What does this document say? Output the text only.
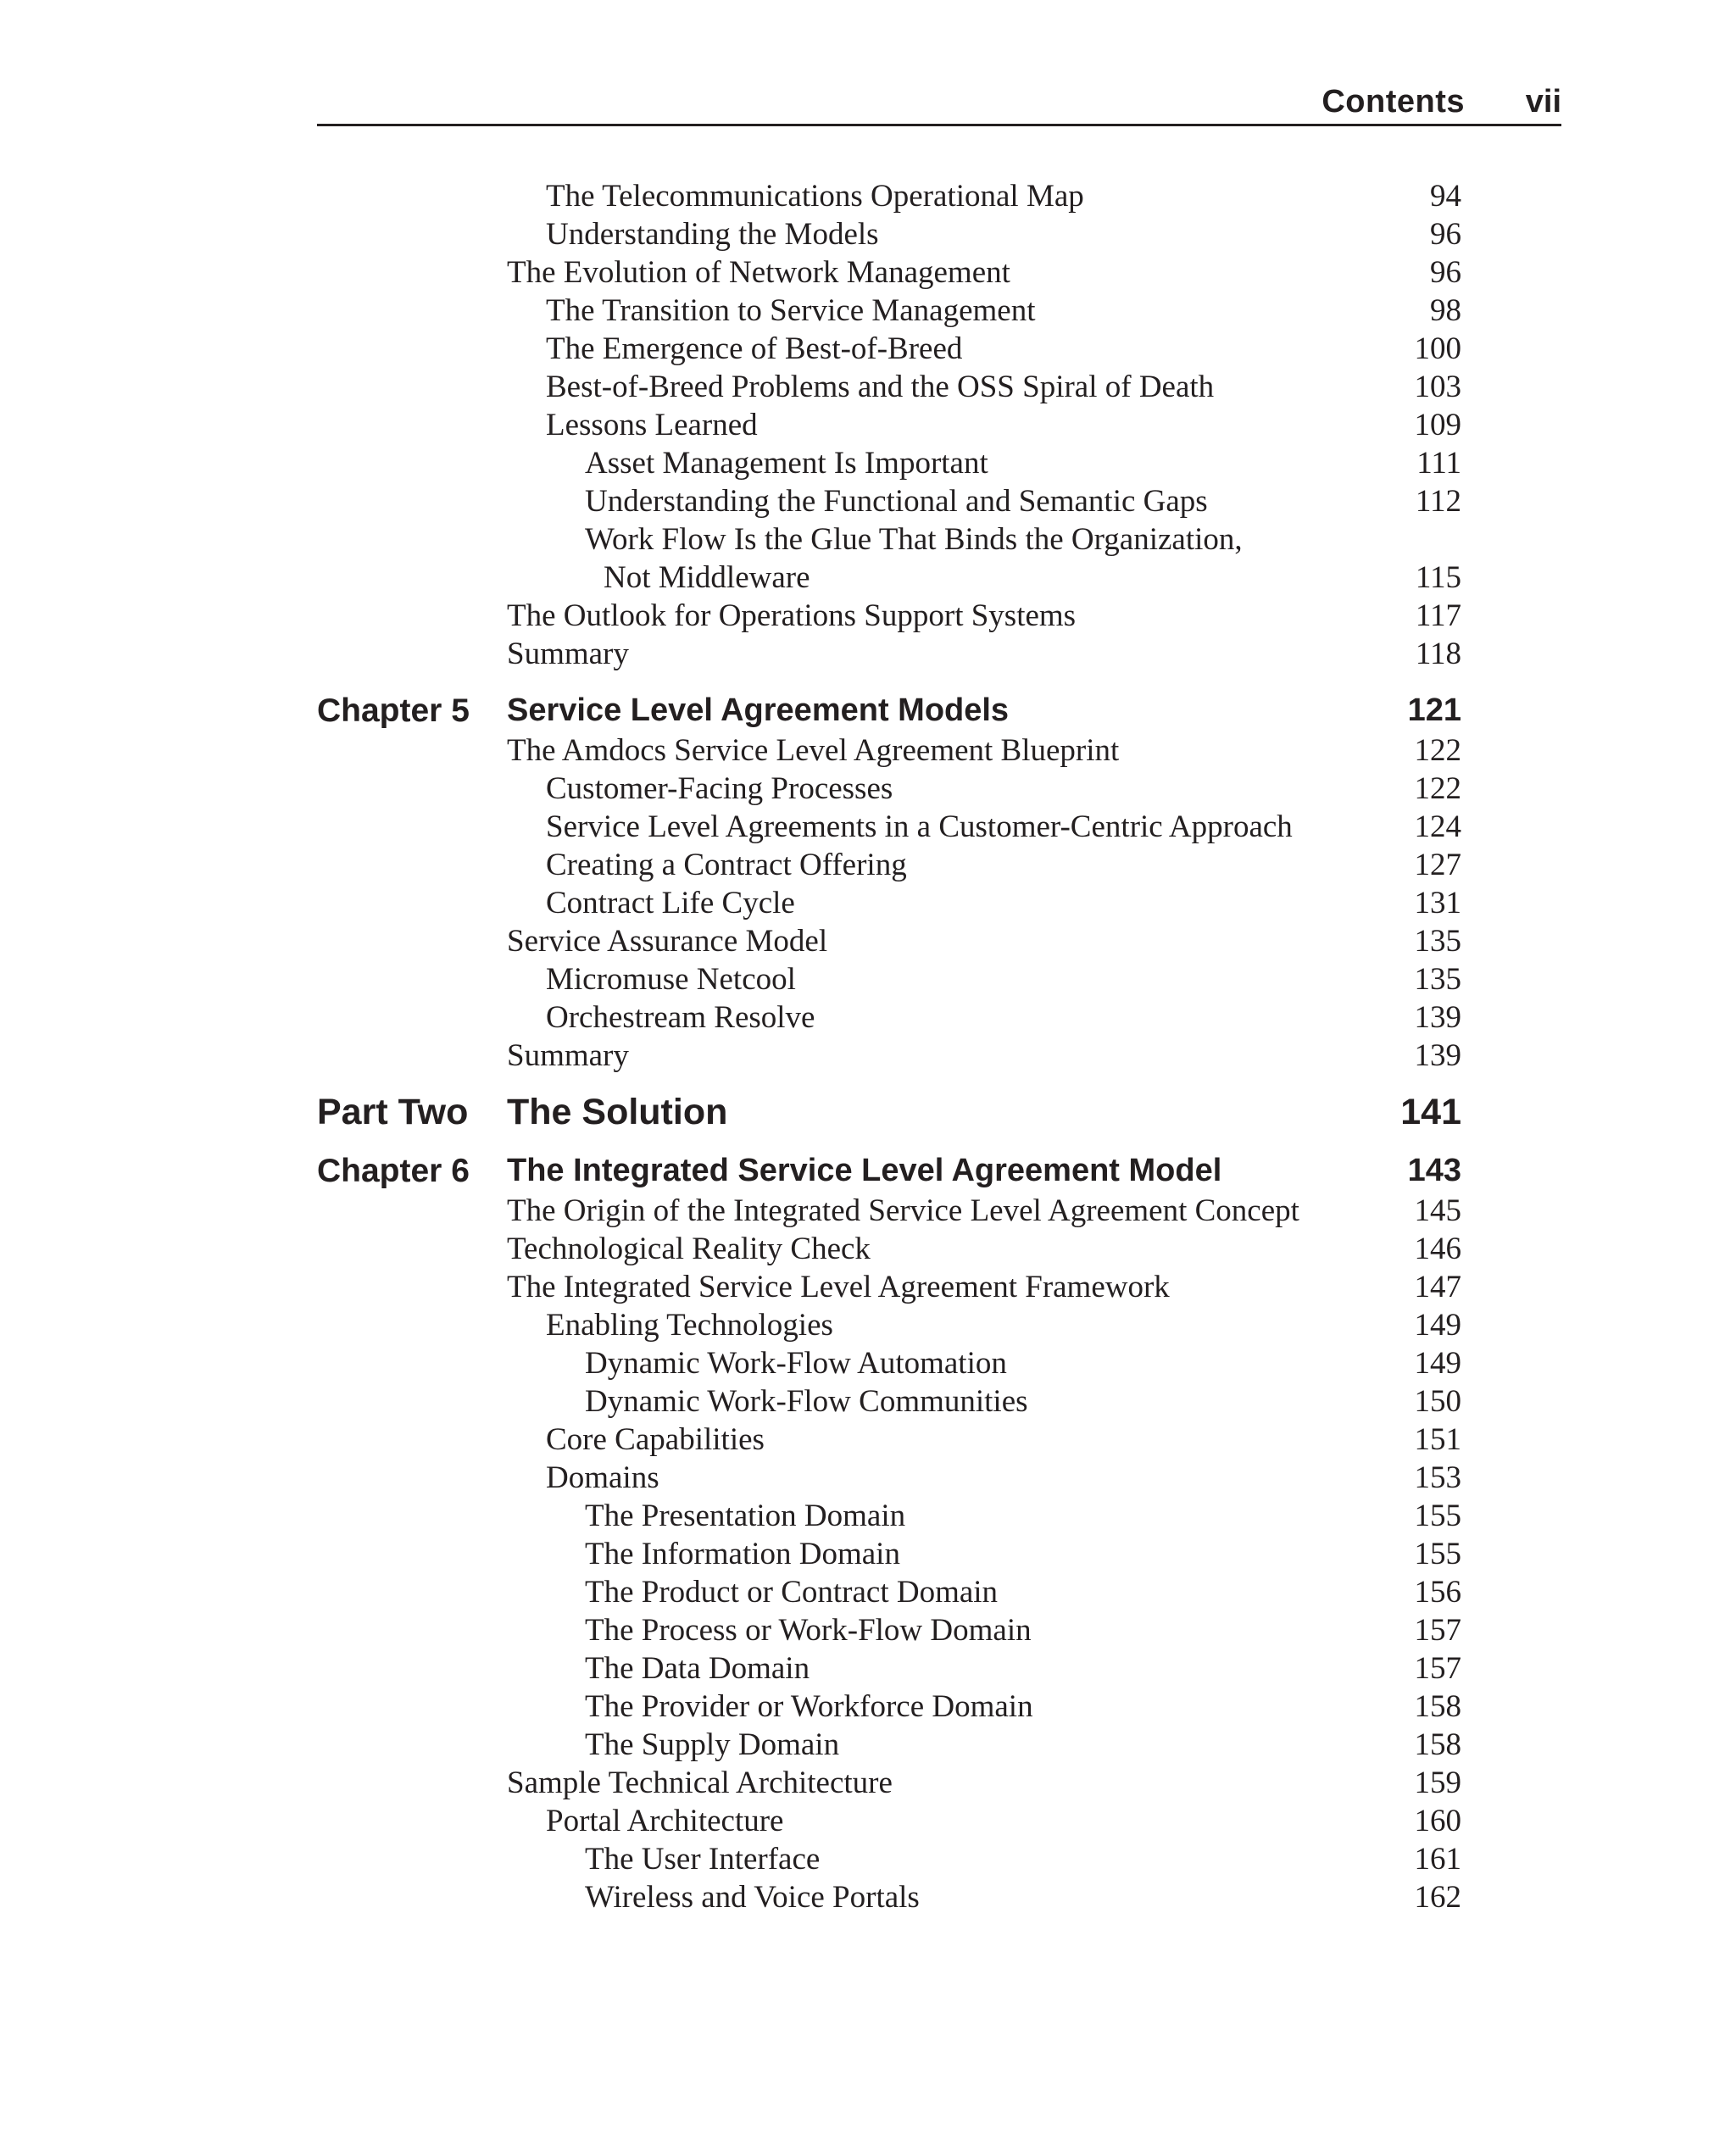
Contents vii
The Telecommunications Operational Map	94
Understanding the Models	96
The Evolution of Network Management	96
The Transition to Service Management	98
The Emergence of Best-of-Breed	100
Best-of-Breed Problems and the OSS Spiral of Death	103
Lessons Learned	109
Asset Management Is Important	111
Understanding the Functional and Semantic Gaps	112
Work Flow Is the Glue That Binds the Organization,
Not Middleware	115
The Outlook for Operations Support Systems	117
Summary	118
Chapter 5 Service Level Agreement Models	121
The Amdocs Service Level Agreement Blueprint	122
Customer-Facing Processes	122
Service Level Agreements in a Customer-Centric Approach	124
Creating a Contract Offering	127
Contract Life Cycle	131
Service Assurance Model	135
Micromuse Netcool	135
Orchestream Resolve	139
Summary	139
Part Two The Solution	141
Chapter 6 The Integrated Service Level Agreement Model	143
The Origin of the Integrated Service Level Agreement Concept	145
Technological Reality Check	146
The Integrated Service Level Agreement Framework	147
Enabling Technologies	149
Dynamic Work-Flow Automation	149
Dynamic Work-Flow Communities	150
Core Capabilities	151
Domains	153
The Presentation Domain	155
The Information Domain	155
The Product or Contract Domain	156
The Process or Work-Flow Domain	157
The Data Domain	157
The Provider or Workforce Domain	158
The Supply Domain	158
Sample Technical Architecture	159
Portal Architecture	160
The User Interface	161
Wireless and Voice Portals	162
